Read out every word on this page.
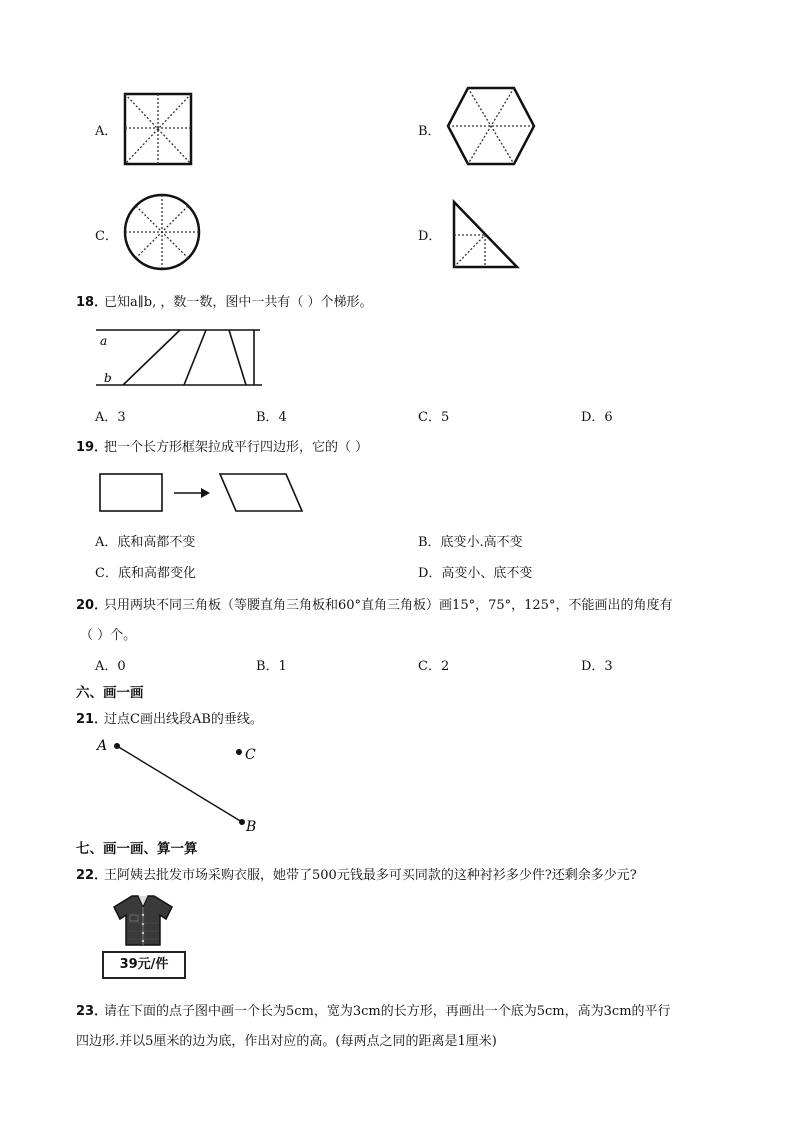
A．	B．
C．	D．
18．
已知a∥b, ，数一数，图中一共有（ ）个梯形。
a
b
A．3	B．4	C．5	D．6
19．
把一个长方形框架拉成平行四边形，它的（ ）
A．底和高都不变	B．底变小.高不变
C．底和高都变化	D．高变小、底不变
20．
只用两块不同三角板（等腰直角三角板和60°直角三角板）画15°，75°，125°，不能画出的角度有
（ ）个。
A．0	B．1	C．2	D．3
六、画一画
21．
过点C画出线段AB的垂线。
A
B
C
七、画一画、算一算
22．
王阿姨去批发市场采购衣服，她带了500元钱最多可买同款的这种衬衫多少件?还剩余多少元?
39元/件
23．
请在下面的点子图中画一个长为5cm，宽为3cm的长方形，再画出一个底为5cm，高为3cm的平行
四边形.并以5厘米的边为底，作出对应的高。(每两点之同的距离是1厘米)
